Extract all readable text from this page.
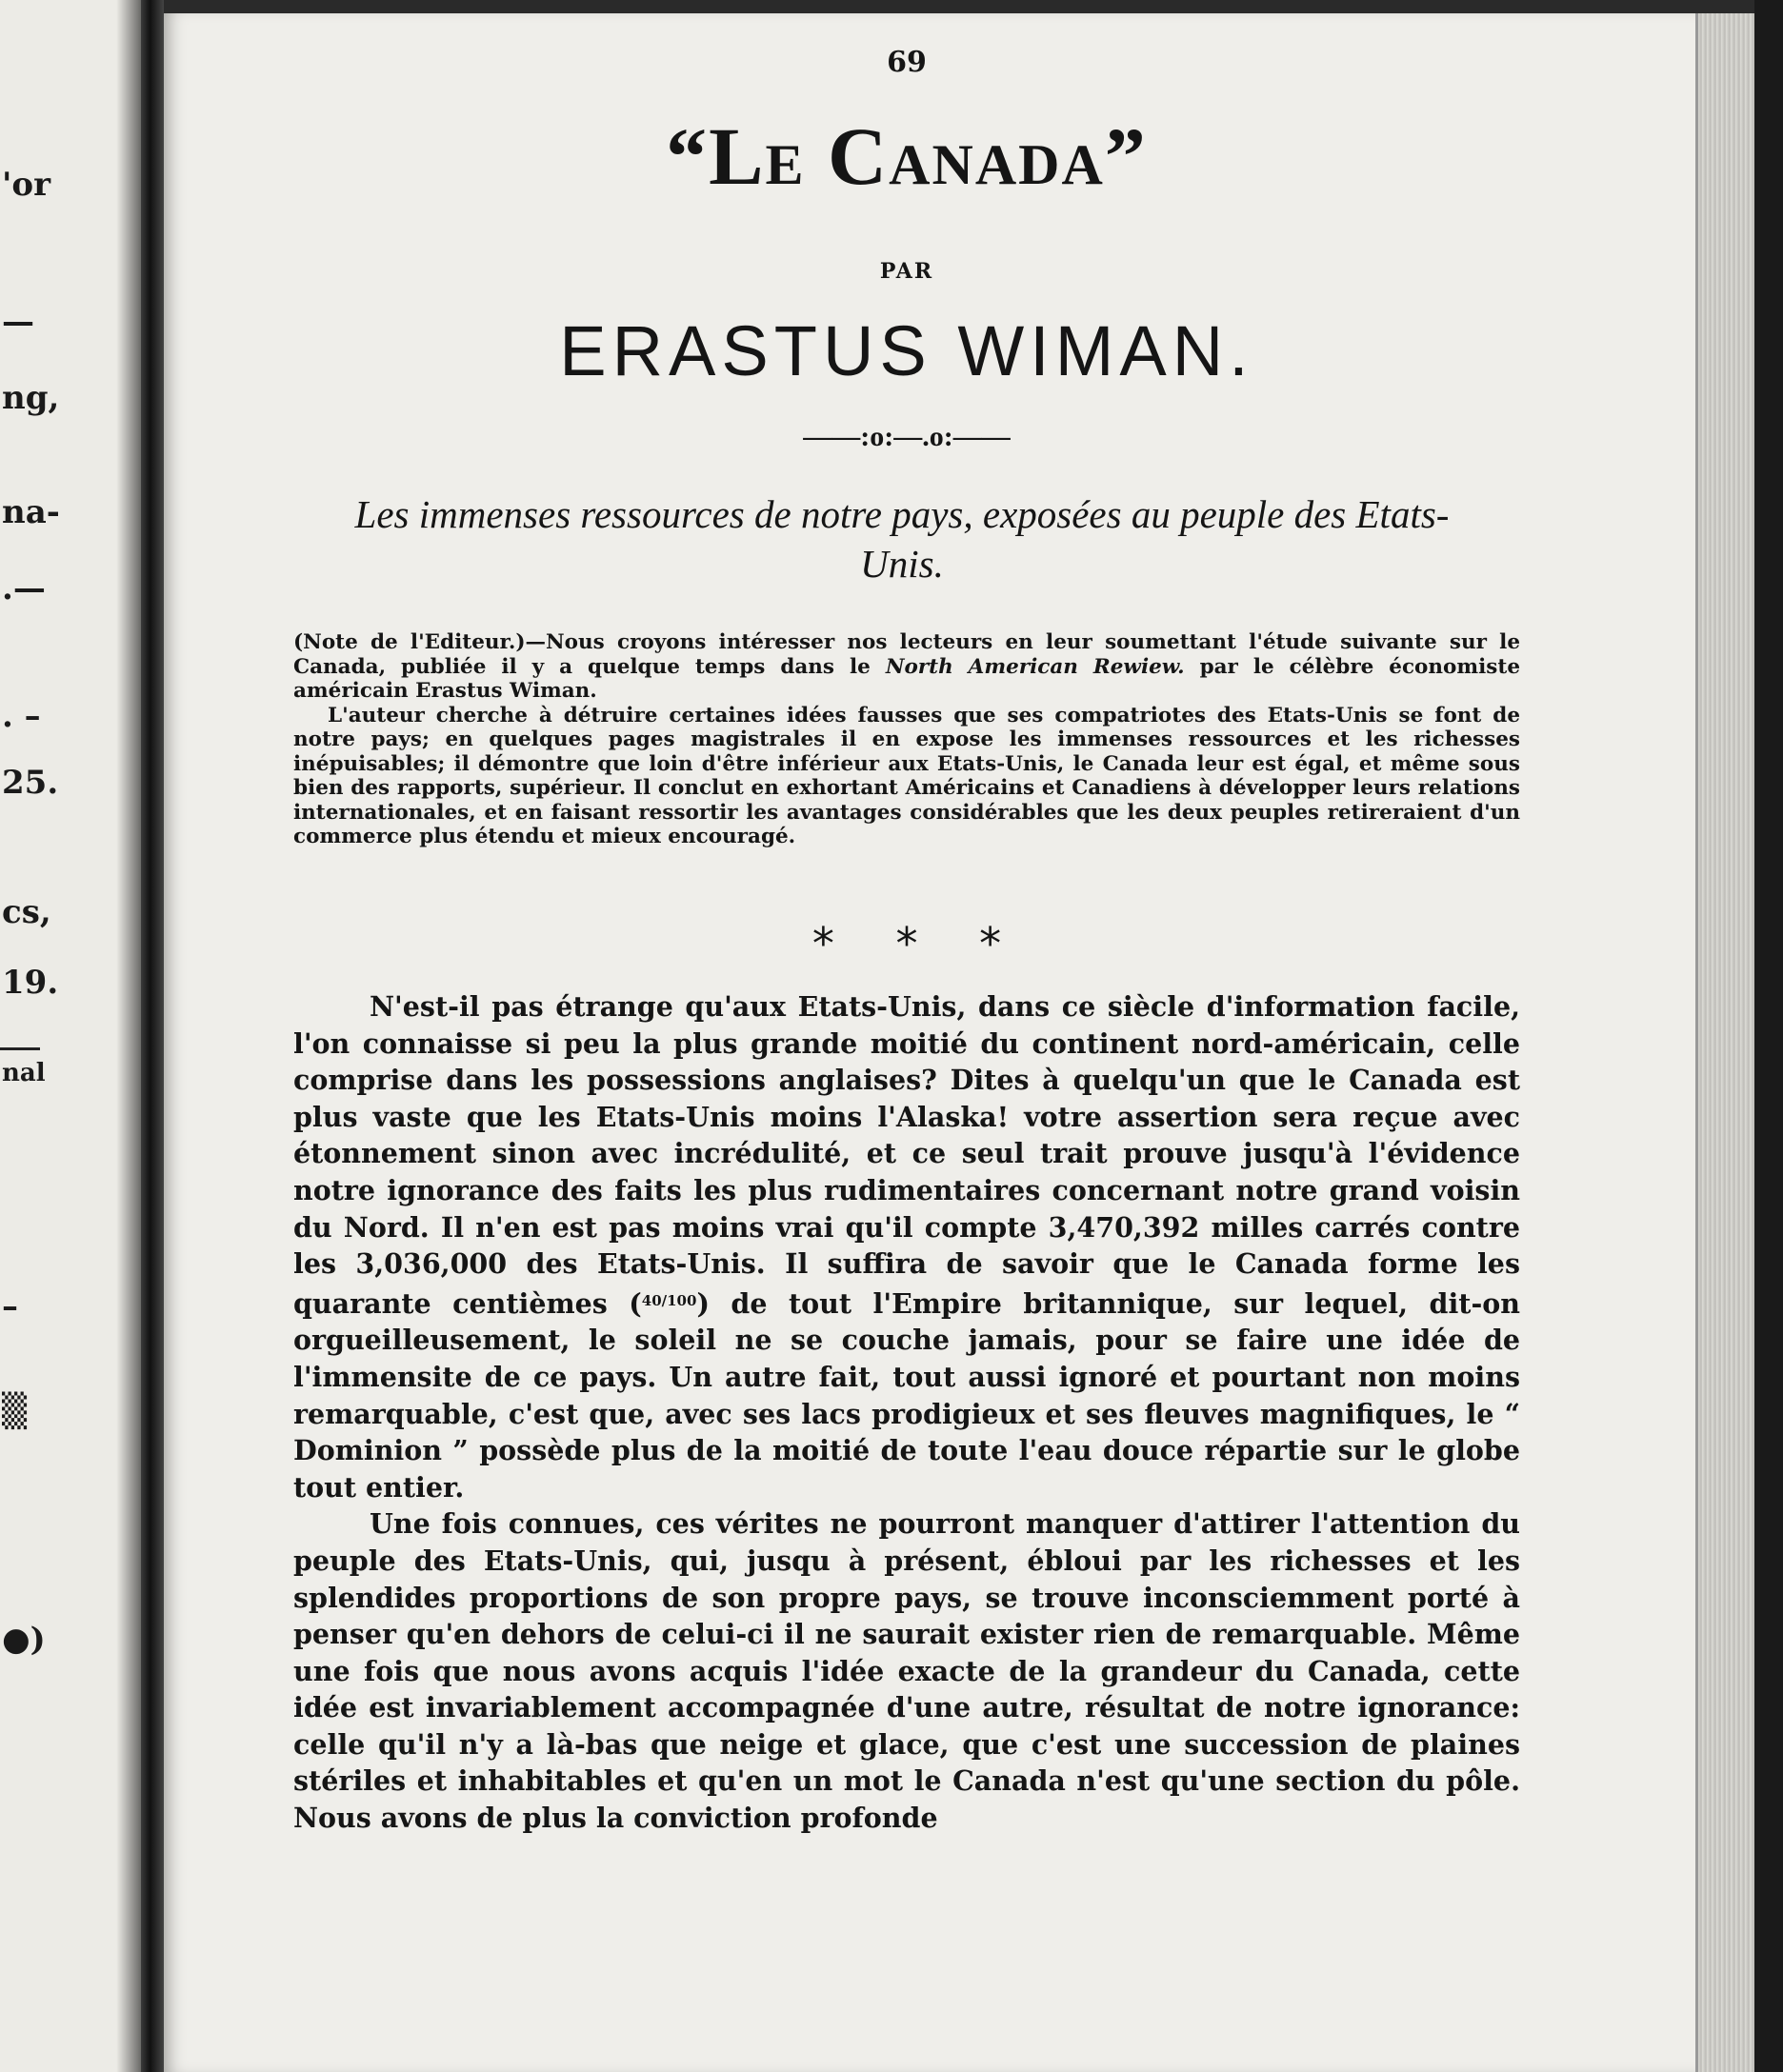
'or
—
ng,
na-
.—
. –
25.
cs,
19.
nal
–
▒
●)
69
“Le Canada”
PAR
ERASTUS WIMAN.
——:o:—.o:——
Les immenses ressources de notre pays, exposées au peuple des Etats-Unis.

(Note de l'Editeur.)—Nous croyons intéresser nos lecteurs en leur soumettant l'étude suivante sur le Canada, publiée il y a quelque temps dans le North American Rewiew. par le célèbre économiste américain Erastus Wiman.

L'auteur cherche à détruire certaines idées fausses que ses compatriotes des Etats-Unis se font de notre pays; en quelques pages magistrales il en expose les immenses ressources et les richesses inépuisables; il démontre que loin d'être inférieur aux Etats-Unis, le Canada leur est égal, et même sous bien des rapports, supérieur. Il conclut en exhortant Américains et Canadiens à développer leurs relations internationales, et en faisant ressortir les avantages considérables que les deux peuples retireraient d'un commerce plus étendu et mieux encouragé.

* * *

N'est-il pas étrange qu'aux Etats-Unis, dans ce siècle d'information facile, l'on connaisse si peu la plus grande moitié du continent nord-américain, celle comprise dans les possessions anglaises? Dites à quelqu'un que le Canada est plus vaste que les Etats-Unis moins l'Alaska! votre assertion sera reçue avec étonnement sinon avec incrédulité, et ce seul trait prouve jusqu'à l'évidence notre ignorance des faits les plus rudimentaires concernant notre grand voisin du Nord. Il n'en est pas moins vrai qu'il compte 3,470,392 milles carrés contre les 3,036,000 des Etats-Unis. Il suffira de savoir que le Canada forme les quarante centièmes ($^{40/100}$) de tout l'Empire britannique, sur lequel, dit-on orgueilleusement, le soleil ne se couche jamais, pour se faire une idée de l'immensite de ce pays. Un autre fait, tout aussi ignoré et pourtant non moins remarquable, c'est que, avec ses lacs prodigieux et ses fleuves magnifiques, le “ Dominion ” possède plus de la moitié de toute l'eau douce répartie sur le globe tout entier.

Une fois connues, ces vérites ne pourront manquer d'attirer l'attention du peuple des Etats-Unis, qui, jusqu à présent, ébloui par les richesses et les splendides proportions de son propre pays, se trouve inconsciemment porté à penser qu'en dehors de celui-ci il ne saurait exister rien de remarquable. Même une fois que nous avons acquis l'idée exacte de la grandeur du Canada, cette idée est invariablement accompagnée d'une autre, résultat de notre ignorance: celle qu'il n'y a là-bas que neige et glace, que c'est une succession de plaines stériles et inhabitables et qu'en un mot le Canada n'est qu'une section du pôle. Nous avons de plus la conviction profonde
